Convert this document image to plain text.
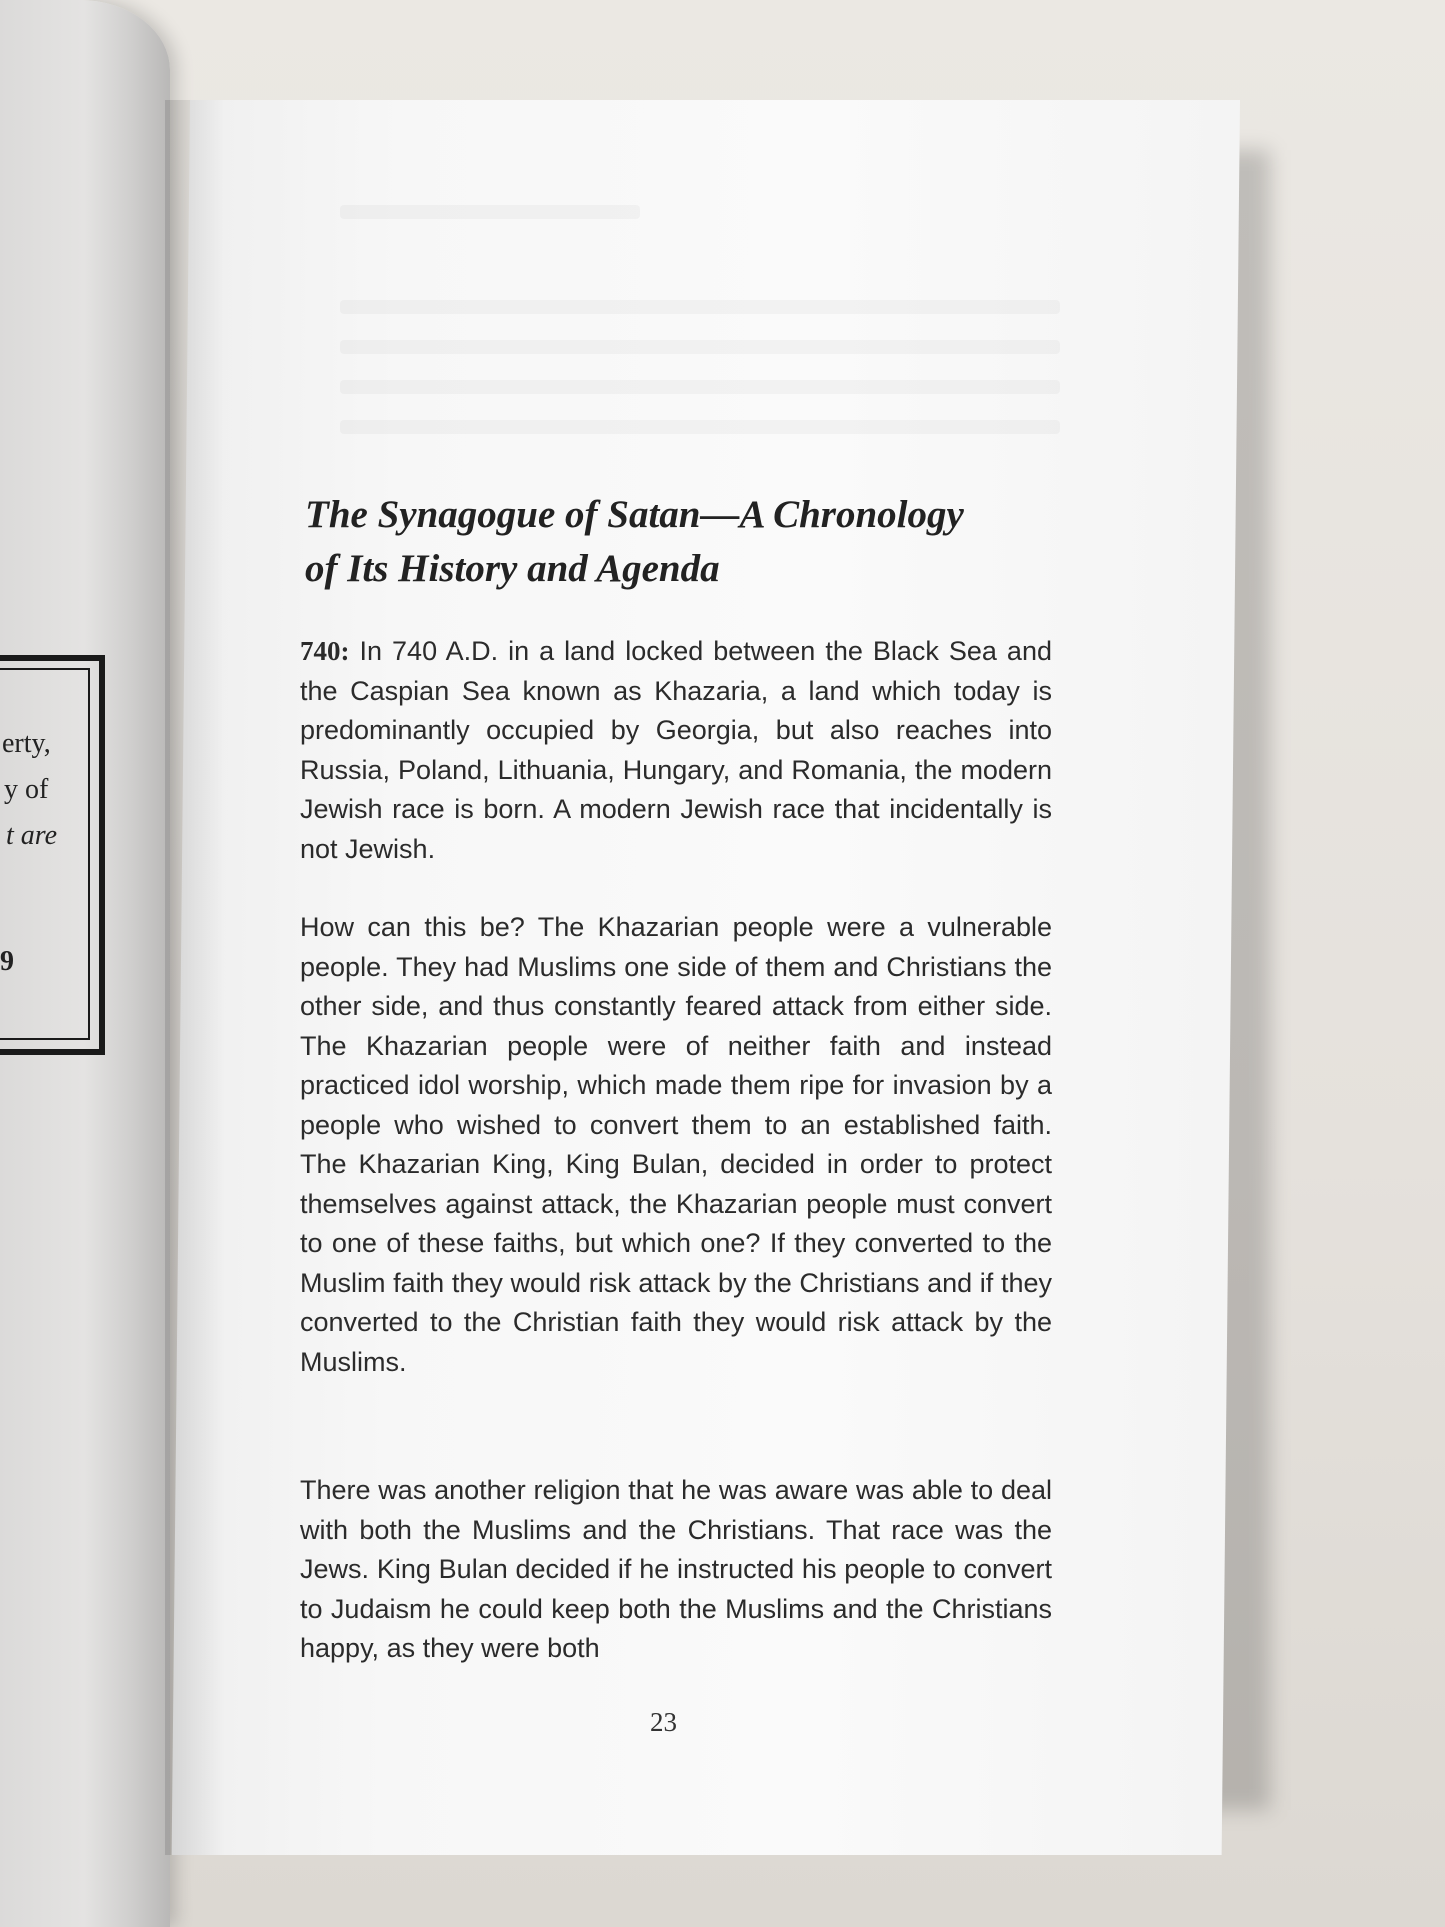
erty,
y of
t are
9
The Synagogue of Satan—A Chronology
of Its History and Agenda

740: In 740 A.D. in a land locked between the Black Sea and the Caspian Sea known as Khazaria, a land which today is predominantly occupied by Georgia, but also reaches into Russia, Poland, Lithuania, Hungary, and Romania, the modern Jewish race is born. A modern Jewish race that incidentally is not Jewish.

How can this be? The Khazarian people were a vulnerable people. They had Muslims one side of them and Christians the other side, and thus constantly feared attack from either side. The Khazarian people were of neither faith and instead practiced idol worship, which made them ripe for invasion by a people who wished to convert them to an established faith. The Khazarian King, King Bulan, decided in order to protect themselves against attack, the Khazarian people must convert to one of these faiths, but which one? If they converted to the Muslim faith they would risk attack by the Christians and if they converted to the Christian faith they would risk attack by the Muslims.

There was another religion that he was aware was able to deal with both the Muslims and the Christians. That race was the Jews. King Bulan decided if he instructed his people to convert to Judaism he could keep both the Muslims and the Christians happy, as they were both

23
